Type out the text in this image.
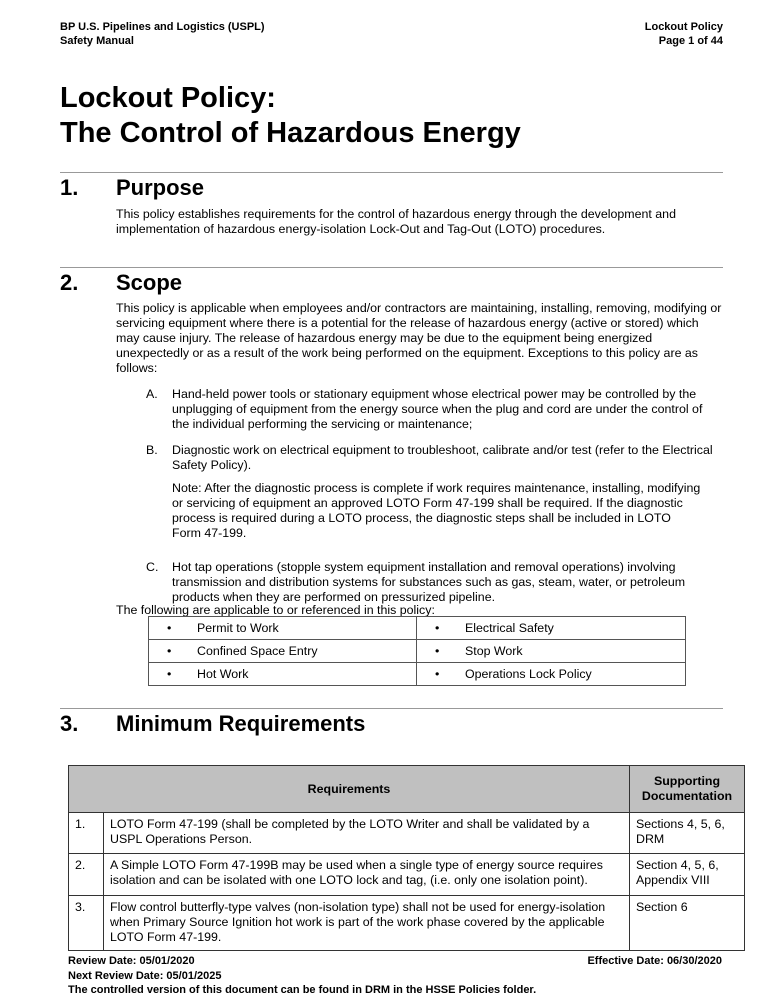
BP U.S. Pipelines and Logistics (USPL)
Safety Manual
Lockout Policy
Page 1 of 44
Lockout Policy:
The Control of Hazardous Energy
1. Purpose

This policy establishes requirements for the control of hazardous energy through the development and implementation of hazardous energy-isolation Lock-Out and Tag-Out (LOTO) procedures.

2. Scope

This policy is applicable when employees and/or contractors are maintaining, installing, removing, modifying or servicing equipment where there is a potential for the release of hazardous energy (active or stored) which may cause injury. The release of hazardous energy may be due to the equipment being energized unexpectedly or as a result of the work being performed on the equipment. Exceptions to this policy are as follows:

A. Hand-held power tools or stationary equipment whose electrical power may be controlled by the unplugging of equipment from the energy source when the plug and cord are under the control of the individual performing the servicing or maintenance;
B. Diagnostic work on electrical equipment to troubleshoot, calibrate and/or test (refer to the Electrical Safety Policy).
Note: After the diagnostic process is complete if work requires maintenance, installing, modifying or servicing of equipment an approved LOTO Form 47-199 shall be required. If the diagnostic process is required during a LOTO process, the diagnostic steps shall be included in LOTO Form 47-199.
C. Hot tap operations (stopple system equipment installation and removal operations) involving transmission and distribution systems for substances such as gas, steam, water, or petroleum products when they are performed on pressurized pipeline.
The following are applicable to or referenced in this policy:
• Permit to Work	• Electrical Safety
• Confined Space Entry	• Stop Work
• Hot Work	• Operations Lock Policy
3. Minimum Requirements
Requirements		Supporting Documentation
1.	LOTO Form 47-199 (shall be completed by the LOTO Writer and shall be validated by a USPL Operations Person.	Sections 4, 5, 6, DRM
2.	A Simple LOTO Form 47-199B may be used when a single type of energy source requires isolation and can be isolated with one LOTO lock and tag, (i.e. only one isolation point).	Section 4, 5, 6, Appendix VIII
3.	Flow control butterfly-type valves (non-isolation type) shall not be used for energy-isolation when Primary Source Ignition hot work is part of the work phase covered by the applicable LOTO Form 47-199.	Section 6
Review Date: 05/01/2020
Next Review Date: 05/01/2025
The controlled version of this document can be found in DRM in the HSSE Policies folder.
Effective Date: 06/30/2020
